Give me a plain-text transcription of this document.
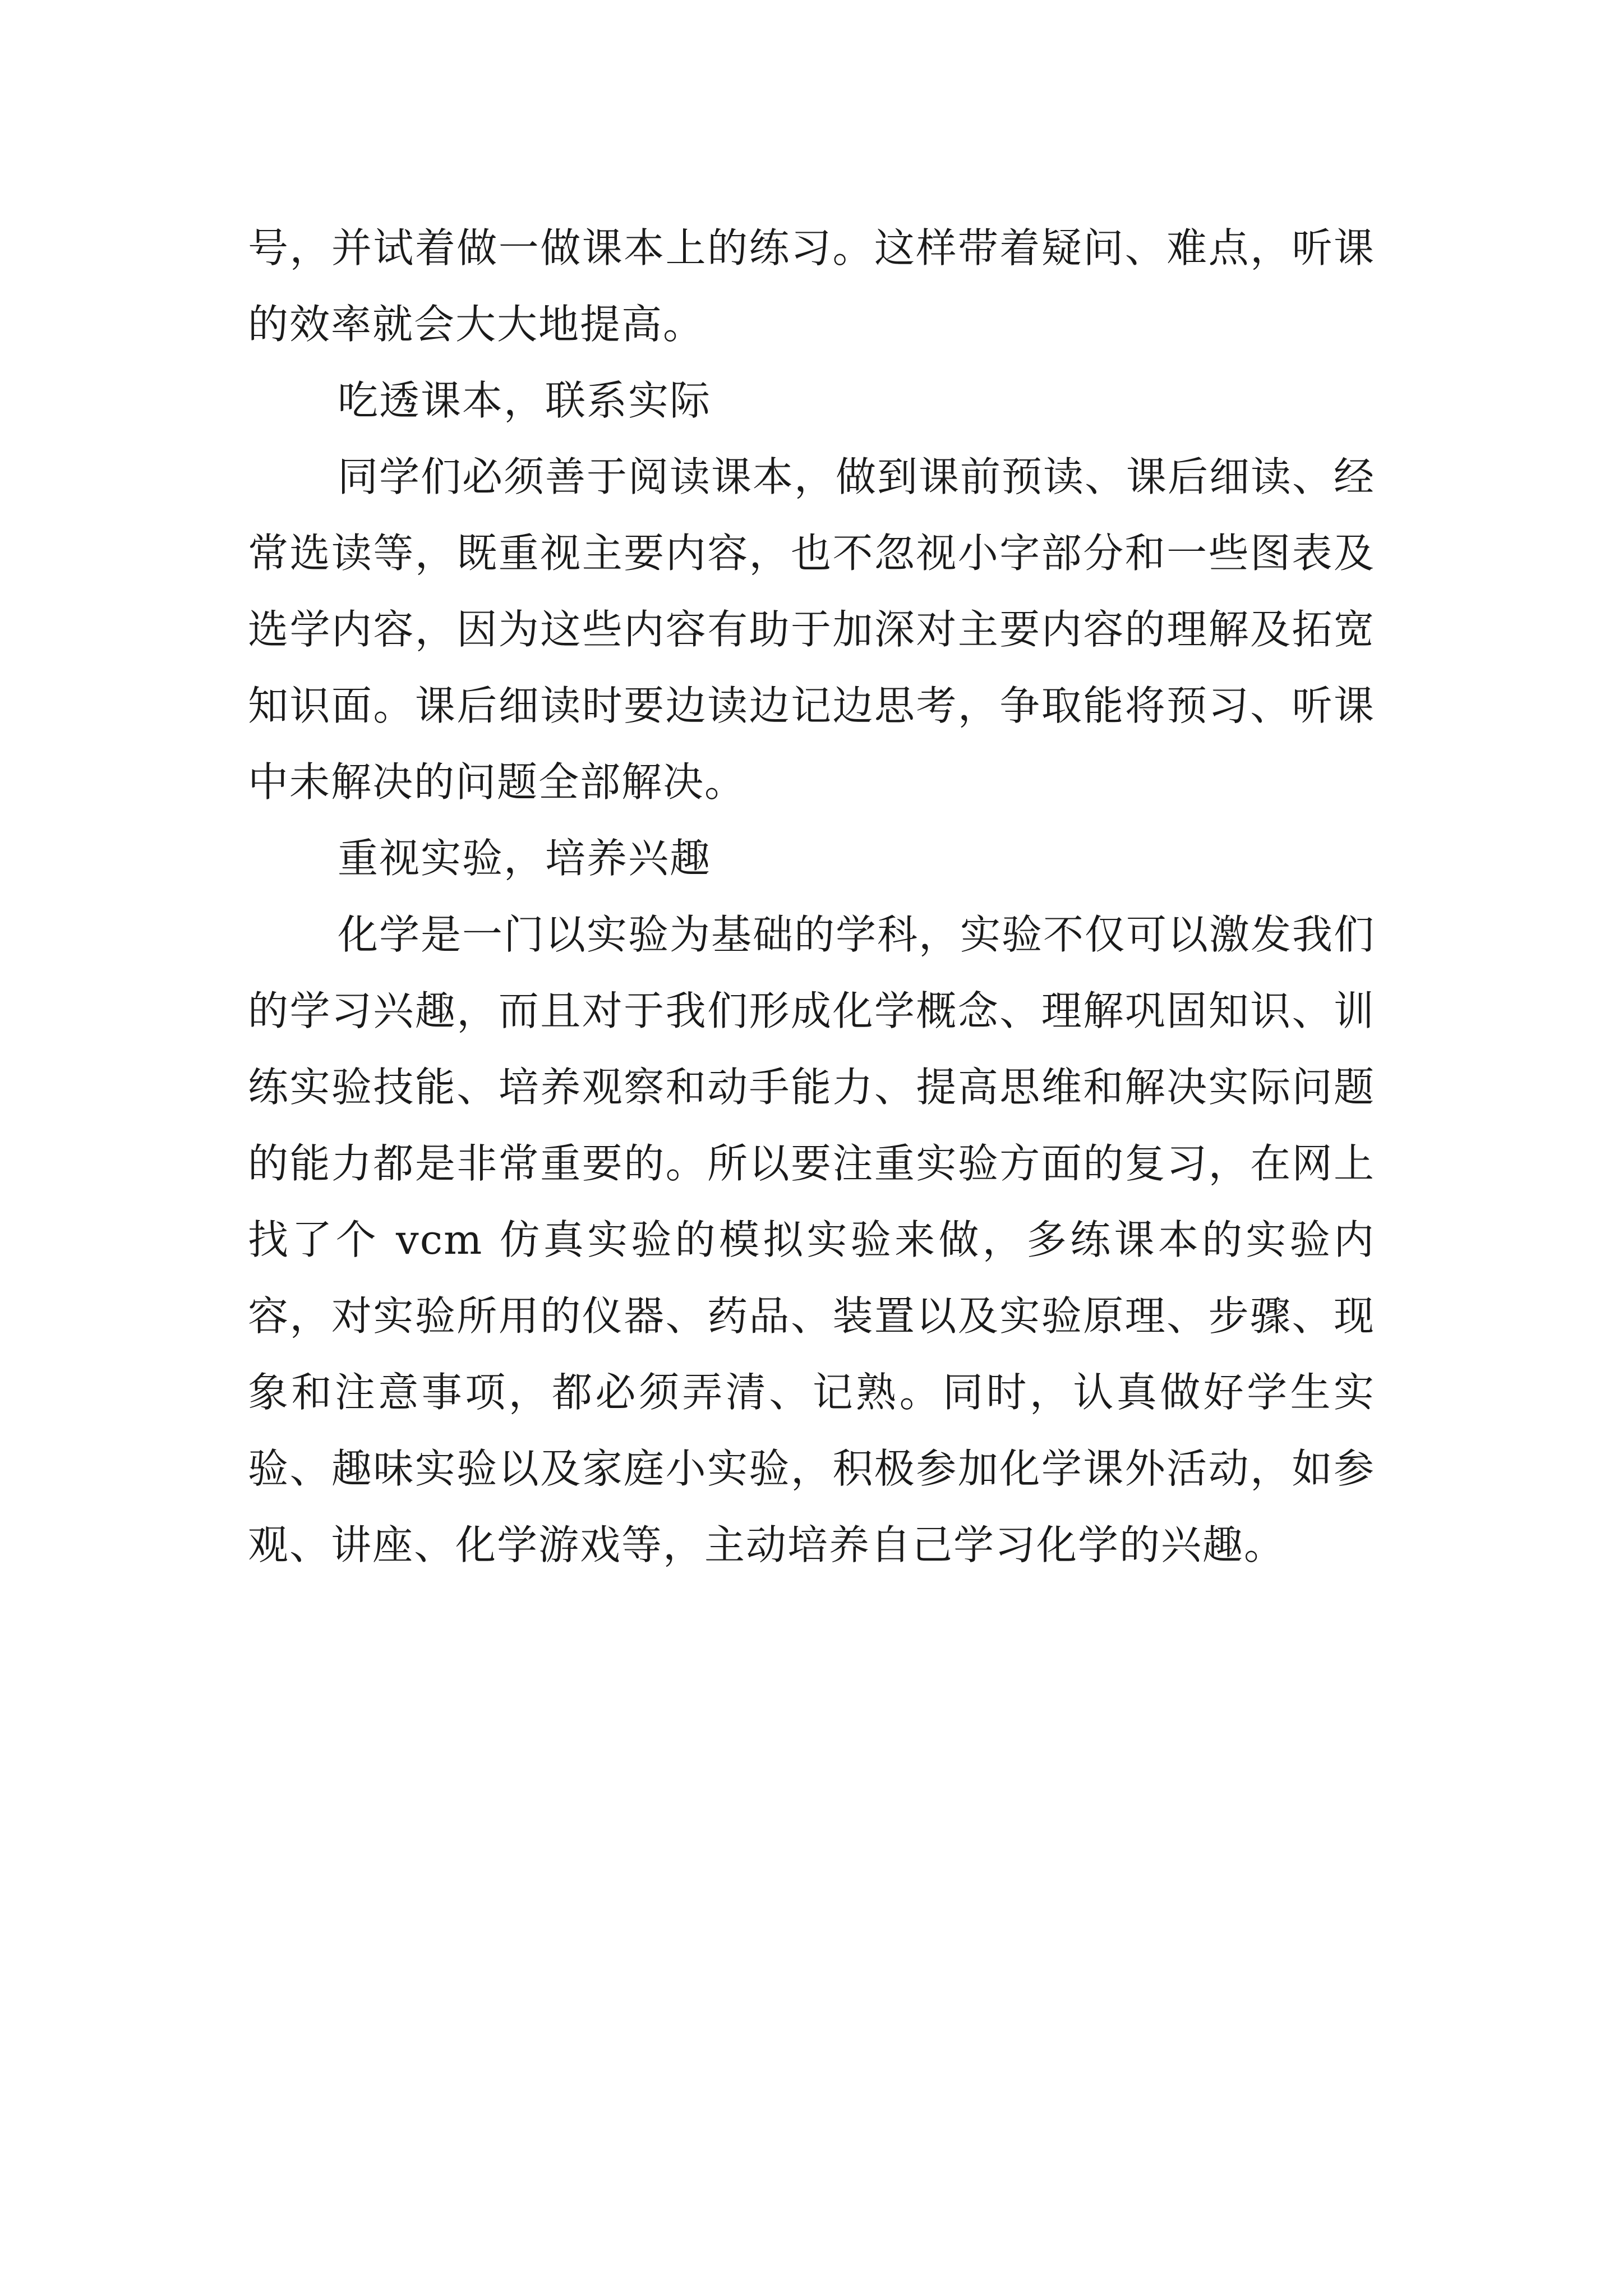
号，并试着做一做课本上的练习。这样带着疑问、难点，听课的效率就会大大地提高。

吃透课本，联系实际

同学们必须善于阅读课本，做到课前预读、课后细读、经常选读等，既重视主要内容，也不忽视小字部分和一些图表及选学内容，因为这些内容有助于加深对主要内容的理解及拓宽知识面。课后细读时要边读边记边思考，争取能将预习、听课中未解决的问题全部解决。

重视实验，培养兴趣

化学是一门以实验为基础的学科，实验不仅可以激发我们的学习兴趣，而且对于我们形成化学概念、理解巩固知识、训练实验技能、培养观察和动手能力、提高思维和解决实际问题的能力都是非常重要的。所以要注重实验方面的复习，在网上找了个 vcm 仿真实验的模拟实验来做，多练课本的实验内容，对实验所用的仪器、药品、装置以及实验原理、步骤、现象和注意事项，都必须弄清、记熟。同时，认真做好学生实验、趣味实验以及家庭小实验，积极参加化学课外活动，如参观、讲座、化学游戏等，主动培养自己学习化学的兴趣。
